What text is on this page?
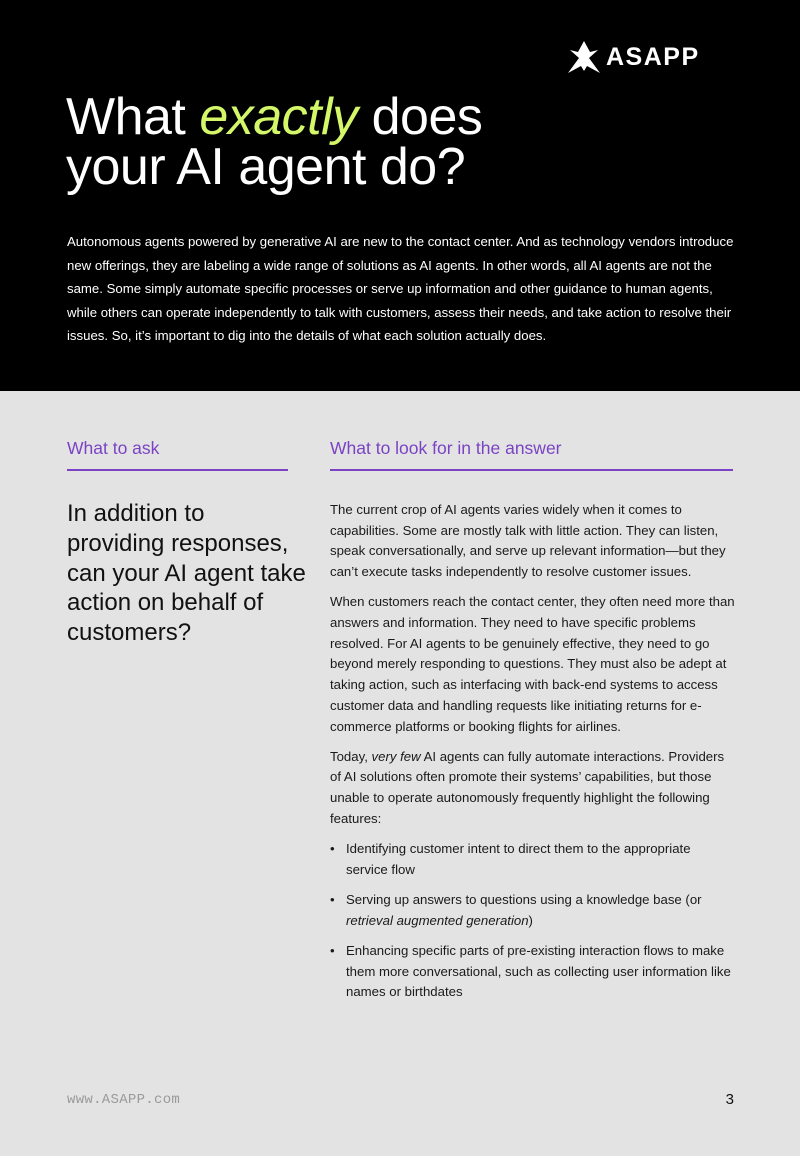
ASAPP
What exactly does
your AI agent do?

Autonomous agents powered by generative AI are new to the contact center. And as technology vendors introduce new offerings, they are labeling a wide range of solutions as AI agents. In other words, all AI agents are not the same. Some simply automate specific processes or serve up information and other guidance to human agents, while others can operate independently to talk with customers, assess their needs, and take action to resolve their issues. So, it’s important to dig into the details of what each solution actually does.

What to ask	What to look for in the answer

In addition to providing responses, can your AI agent take action on behalf of customers?

The current crop of AI agents varies widely when it comes to capabilities. Some are mostly talk with little action. They can listen, speak conversationally, and serve up relevant information—but they can’t execute tasks independently to resolve customer issues.

When customers reach the contact center, they often need more than answers and information. They need to have specific problems resolved. For AI agents to be genuinely effective, they need to go beyond merely responding to questions. They must also be adept at taking action, such as interfacing with back-end systems to access customer data and handling requests like initiating returns for e-commerce platforms or booking flights for airlines.

Today, very few AI agents can fully automate interactions. Providers of AI solutions often promote their systems’ capabilities, but those unable to operate autonomously frequently highlight the following features:

• Identifying customer intent to direct them to the appropriate service flow
• Serving up answers to questions using a knowledge base (or retrieval augmented generation)
• Enhancing specific parts of pre-existing interaction flows to make them more conversational, such as collecting user information like names or birthdates
www.ASAPP.com	3
